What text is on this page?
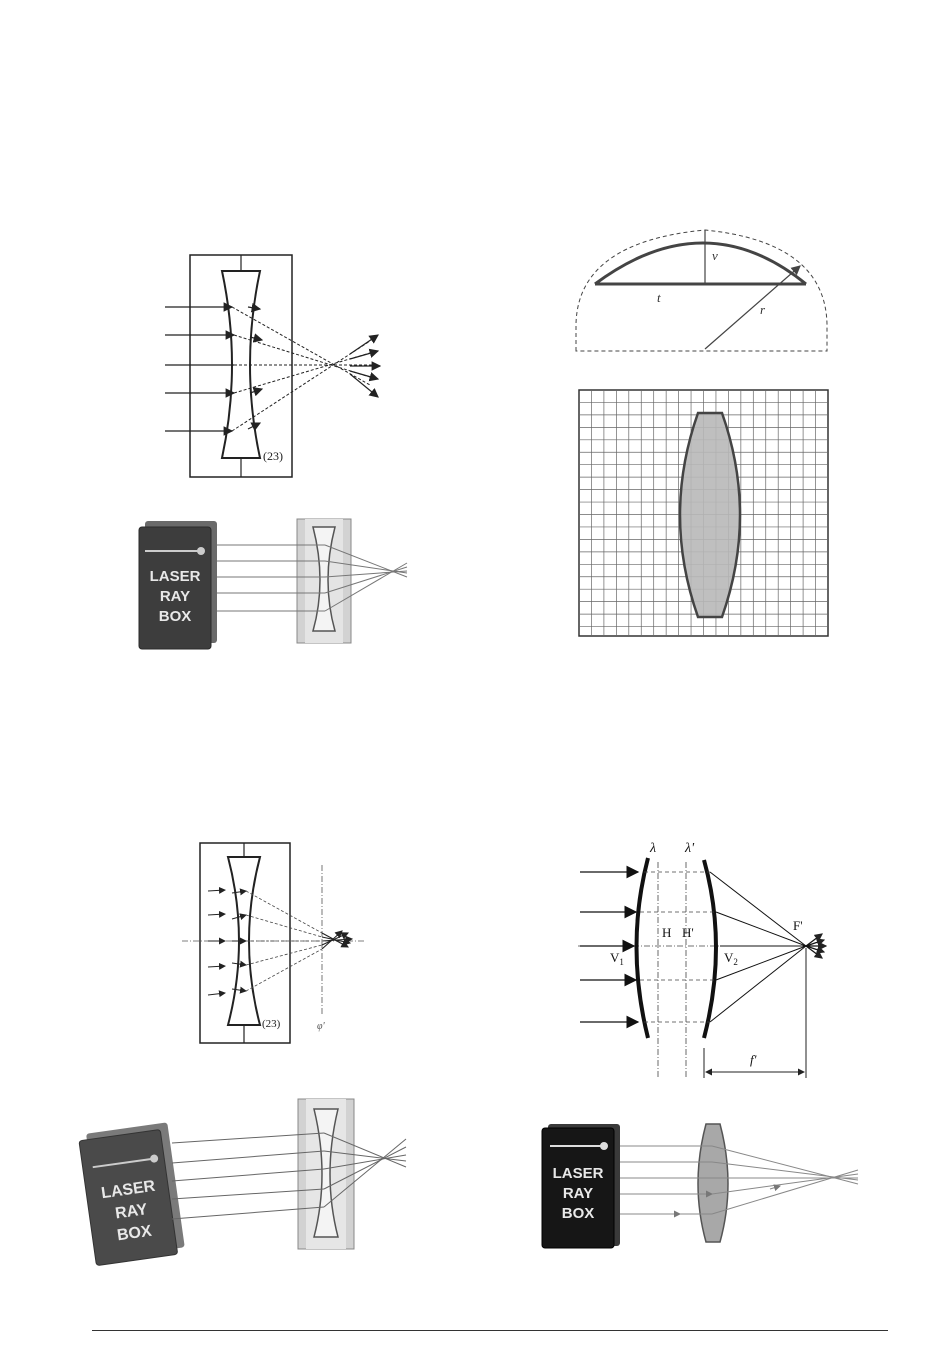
(23)
LASER
RAY
BOX
v
t
r
(23)	φ'
LASER
RAY
BOX
λ λ'
H H'	F'
$V_1$	$V_2$
f'
LASER
RAY
BOX
